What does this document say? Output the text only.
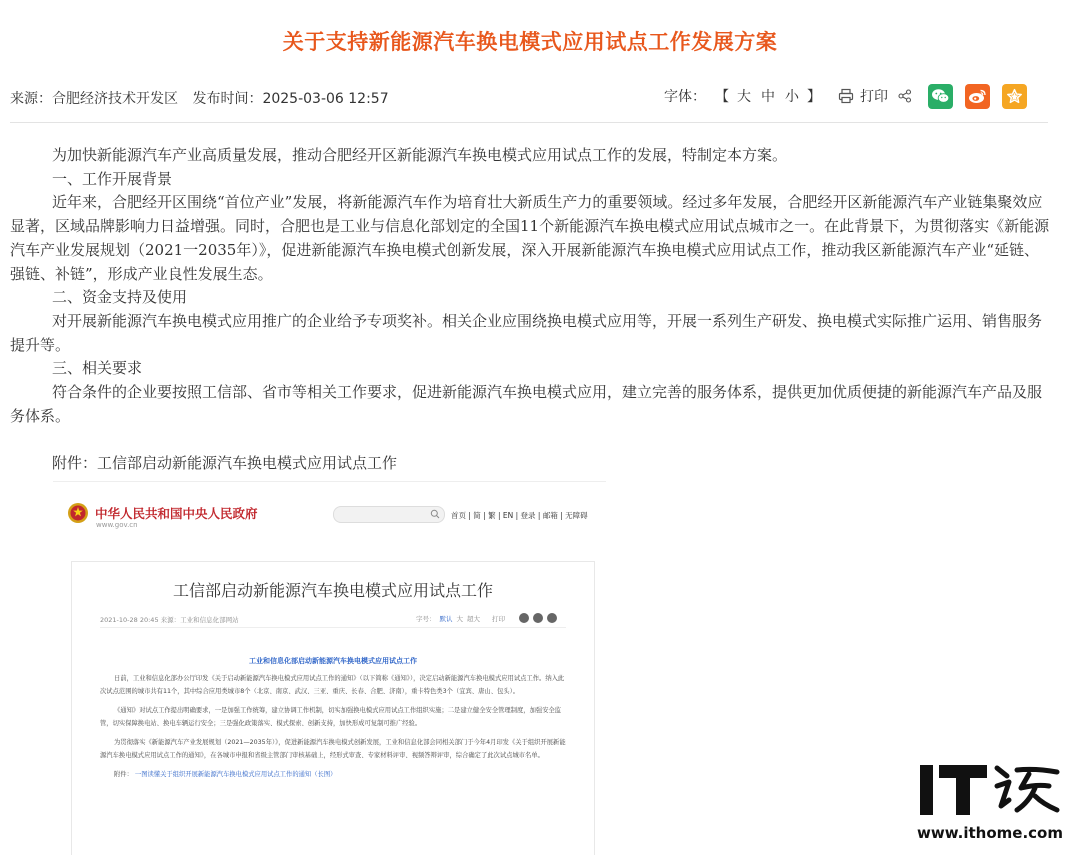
关于支持新能源汽车换电模式应用试点工作发展方案
来源：合肥经济技术开发区 发布时间：2025-03-06 12:57	字体： 【 大 中 小 】	打印

为加快新能源汽车产业高质量发展，推动合肥经开区新能源汽车换电模式应用试点工作的发展，特制定本方案。

一、工作开展背景

近年来，合肥经开区围绕“首位产业”发展，将新能源汽车作为培育壮大新质生产力的重要领域。经过多年发展，合肥经开区新能源汽车产业链集聚效应显著，区域品牌影响力日益增强。同时，合肥也是工业与信息化部划定的全国11个新能源汽车换电模式应用试点城市之一。在此背景下，为贯彻落实《新能源汽车产业发展规划（2021一2035年）》，促进新能源汽车换电模式创新发展，深入开展新能源汽车换电模式应用试点工作，推动我区新能源汽车产业“延链、强链、补链”，形成产业良性发展生态。

二、资金支持及使用

对开展新能源汽车换电模式应用推广的企业给予专项奖补。相关企业应围绕换电模式应用等，开展一系列生产研发、换电模式实际推广运用、销售服务提升等。

三、相关要求

符合条件的企业要按照工信部、省市等相关工作要求，促进新能源汽车换电模式应用，建立完善的服务体系，提供更加优质便捷的新能源汽车产品及服务体系。

附件：工信部启动新能源汽车换电模式应用试点工作

中华人民共和国中央人民政府
www.gov.cn
首页 | 简 | 繁 | EN | 登录 | 邮箱 | 无障碍
工信部启动新能源汽车换电模式应用试点工作
2021-10-28 20:45 来源：工业和信息化部网站	字号： 默认 大 超大 打印
工业和信息化部启动新能源汽车换电模式应用试点工作

日前，工业和信息化部办公厅印发《关于启动新能源汽车换电模式应用试点工作的通知》（以下简称《通知》），决定启动新能源汽车换电模式应用试点工作。纳入此次试点范围的城市共有11个，其中综合应用类城市8个（北京、南京、武汉、三亚、重庆、长春、合肥、济南），重卡特色类3个（宜宾、唐山、包头）。

《通知》对试点工作提出明确要求，一是加强工作统筹，建立协调工作机制，切实加强换电模式应用试点工作组织实施；二是建立健全安全管理制度，加强安全监管，切实保障换电站、换电车辆运行安全；三是强化政策落实、模式探索、创新支持，加快形成可复制可推广经验。

为贯彻落实《新能源汽车产业发展规划（2021—2035年）》，促进新能源汽车换电模式创新发展，工业和信息化部会同相关部门于今年4月印发《关于组织开展新能源汽车换电模式应用试点工作的通知》，在各城市申报和省级主管部门审核基础上，经形式审查、专家材料评审、视频答辩评审，综合确定了此次试点城市名单。

附件： 一图读懂关于组织开展新能源汽车换电模式应用试点工作的通知（长图）

www.ithome.com
